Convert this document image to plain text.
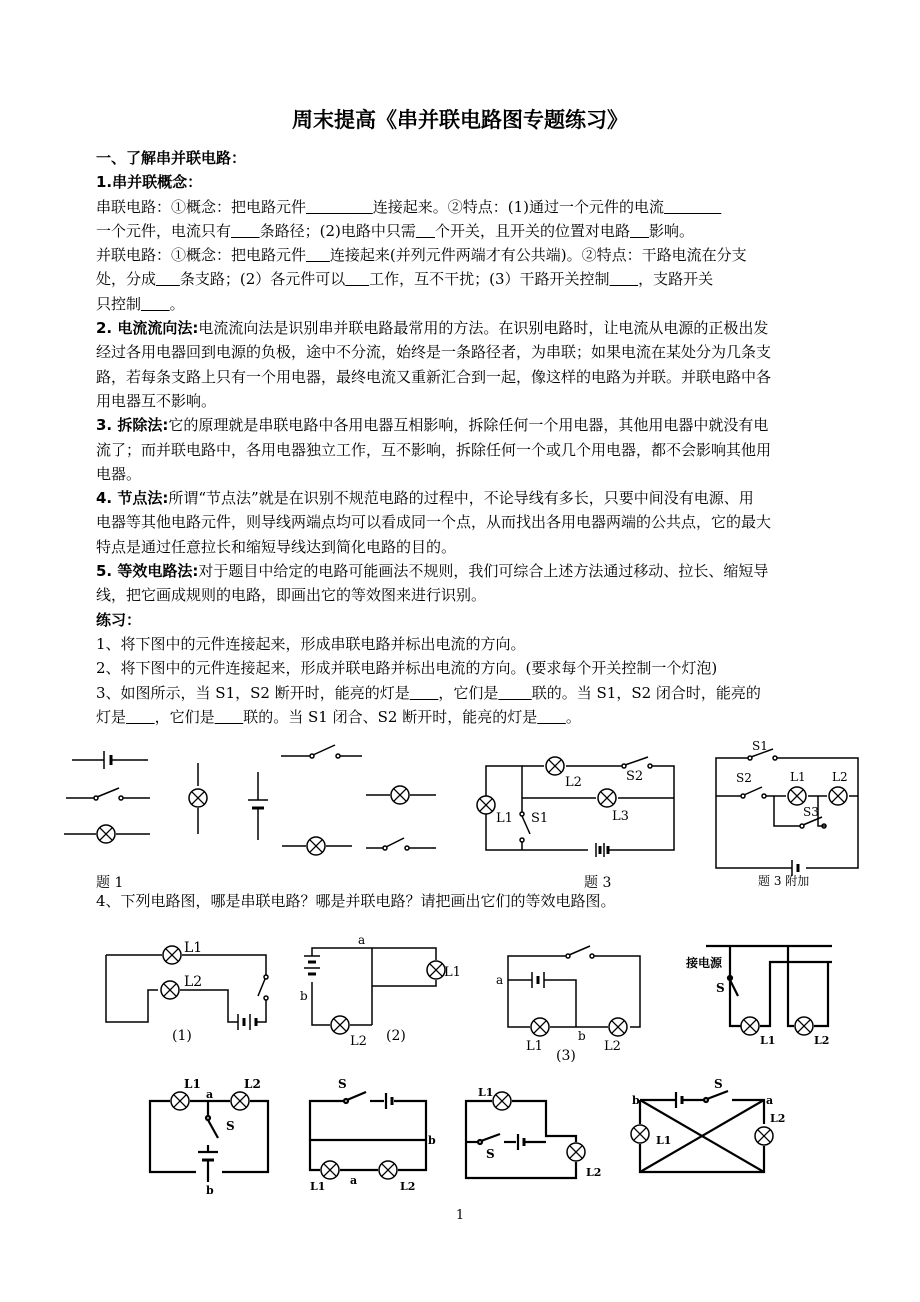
周末提高《串并联电路图专题练习》
一、了解串并联电路：
1.串并联概念：
串联电路：①概念：把电路元件	连接起来。②特点：(1)通过一个元件的电流
一个元件，电流只有 条路径；(2)电路中只需 个开关，且开关的位置对电路 影响。
并联电路：①概念：把电路元件 连接起来(并列元件两端才有公共端)。②特点：干路电流在分支
处，分成 条支路；(2）各元件可以 工作，互不干扰；(3）干路开关控制 ，支路开关
只控制 。
2. 电流流向法:电流流向法是识别串并联电路最常用的方法。在识别电路时，让电流从电源的正极出发
经过各用电器回到电源的负极，途中不分流，始终是一条路径者，为串联；如果电流在某处分为几条支
路，若每条支路上只有一个用电器，最终电流又重新汇合到一起，像这样的电路为并联。并联电路中各
用电器互不影响。
3. 拆除法:它的原理就是串联电路中各用电器互相影响，拆除任何一个用电器，其他用电器中就没有电
流了；而并联电路中，各用电器独立工作，互不影响，拆除任何一个或几个用电器，都不会影响其他用
电器。
4. 节点法:所谓“节点法”就是在识别不规范电路的过程中，不论导线有多长，只要中间没有电源、用
电器等其他电路元件，则导线两端点均可以看成同一个点，从而找出各用电器两端的公共点，它的最大
特点是通过任意拉长和缩短导线达到简化电路的目的。
5. 等效电路法:对于题目中给定的电路可能画法不规则，我们可综合上述方法通过移动、拉长、缩短导
线，把它画成规则的电路，即画出它的等效图来进行识别。
练习：
1、将下图中的元件连接起来，形成串联电路并标出电流的方向。
2、将下图中的元件连接起来，形成并联电路并标出电流的方向。(要求每个开关控制一个灯泡)
3、如图所示，当 S1，S2 断开时，能亮的灯是 ，它们是 联的。当 S1，S2 闭合时，能亮的
灯是 ，它们是 联的。当 S1 闭合、S2 断开时，能亮的灯是 。
L1 S1
L2	S2
L3
S1
S2	L1 L2
S3
L1
L2
(1)
a
b
L1
L2 (2)
a
b
L1	L2
(3)
接电源
S
L1	L2
L1	L2
a
S
b
S
b
a
L1	L2
L1
S
L2
b	a
S
L1
L2
题 1	题 3	题 3 附加
4、下列电路图，哪是串联电路？哪是并联电路？请把画出它们的等效电路图。
1
